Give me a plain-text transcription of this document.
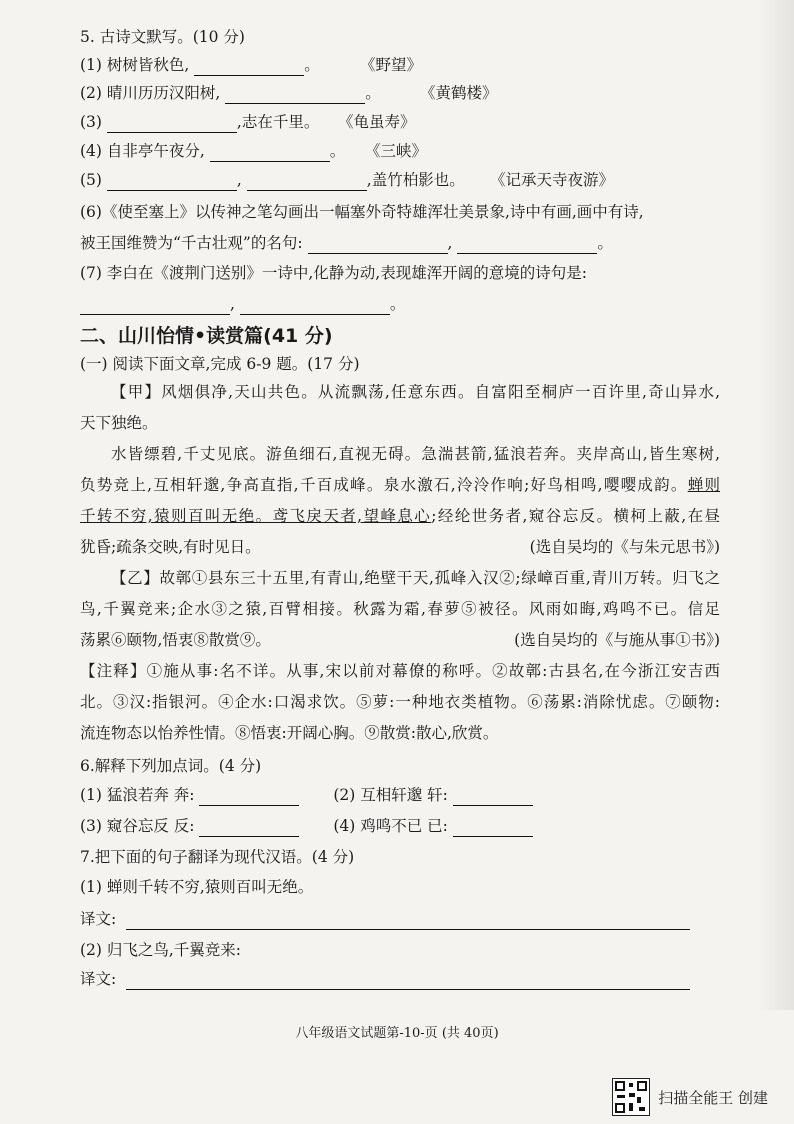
5. 古诗文默写。(10 分)
(1) 树树皆秋色,	。	《野望》
(2) 晴川历历汉阳树,	。	《黄鹤楼》
(3)	,志在千里。 《龟虽寿》
(4) 自非亭午夜分,	。 《三峡》
(5)	,	,盖竹柏影也。 《记承天寺夜游》
(6)《使至塞上》以传神之笔勾画出一幅塞外奇特雄浑壮美景象,诗中有画,画中有诗,
被王国维赞为“千古壮观”的名句:	,	。
(7) 李白在《渡荆门送别》一诗中,化静为动,表现雄浑开阔的意境的诗句是:
,	。
二、山川怡情•读赏篇(41 分)
(一) 阅读下面文章,完成 6-9 题。(17 分)

【甲】风烟俱净,天山共色。从流飘荡,任意东西。自富阳至桐庐一百许里,奇山异水,

天下独绝。

水皆缥碧,千丈见底。游鱼细石,直视无碍。急湍甚箭,猛浪若奔。夹岸高山,皆生寒树,

负势竞上,互相轩邈,争高直指,千百成峰。泉水激石,泠泠作响;好鸟相鸣,嘤嘤成韵。蝉则

千转不穷,猿则百叫无绝。鸢飞戾天者,望峰息心;经纶世务者,窥谷忘反。横柯上蔽,在昼

犹昏;疏条交映,有时见日。	(选自吴均的《与朱元思书》)

【乙】故鄣①县东三十五里,有青山,绝壁干天,孤峰入汉②;绿嶂百重,青川万转。归飞之

鸟,千翼竞来;企水③之猿,百臂相接。秋露为霜,春萝⑤被径。风雨如晦,鸡鸣不已。信足

荡累⑥颐物,悟衷⑧散赏⑨。	(选自吴均的《与施从事①书》)

【注释】①施从事:名不详。从事,宋以前对幕僚的称呼。②故鄣:古县名,在今浙江安吉西

北。③汉:指银河。④企水:口渴求饮。⑤萝:一种地衣类植物。⑥荡累:消除忧虑。⑦颐物:

流连物态以怡养性情。⑧悟衷:开阔心胸。⑨散赏:散心,欣赏。

6.解释下列加点词。(4 分)
(1) 猛浪若奔 奔:	(2) 互相轩邈 轩:
(3) 窥谷忘反 反:	(4) 鸡鸣不已 已:
7.把下面的句子翻译为现代汉语。(4 分)
(1) 蝉则千转不穷,猿则百叫无绝。
译文:
(2) 归飞之鸟,千翼竞来:
译文:
八年级语文试题第-10-页 (共 40页)
扫描全能王 创建
